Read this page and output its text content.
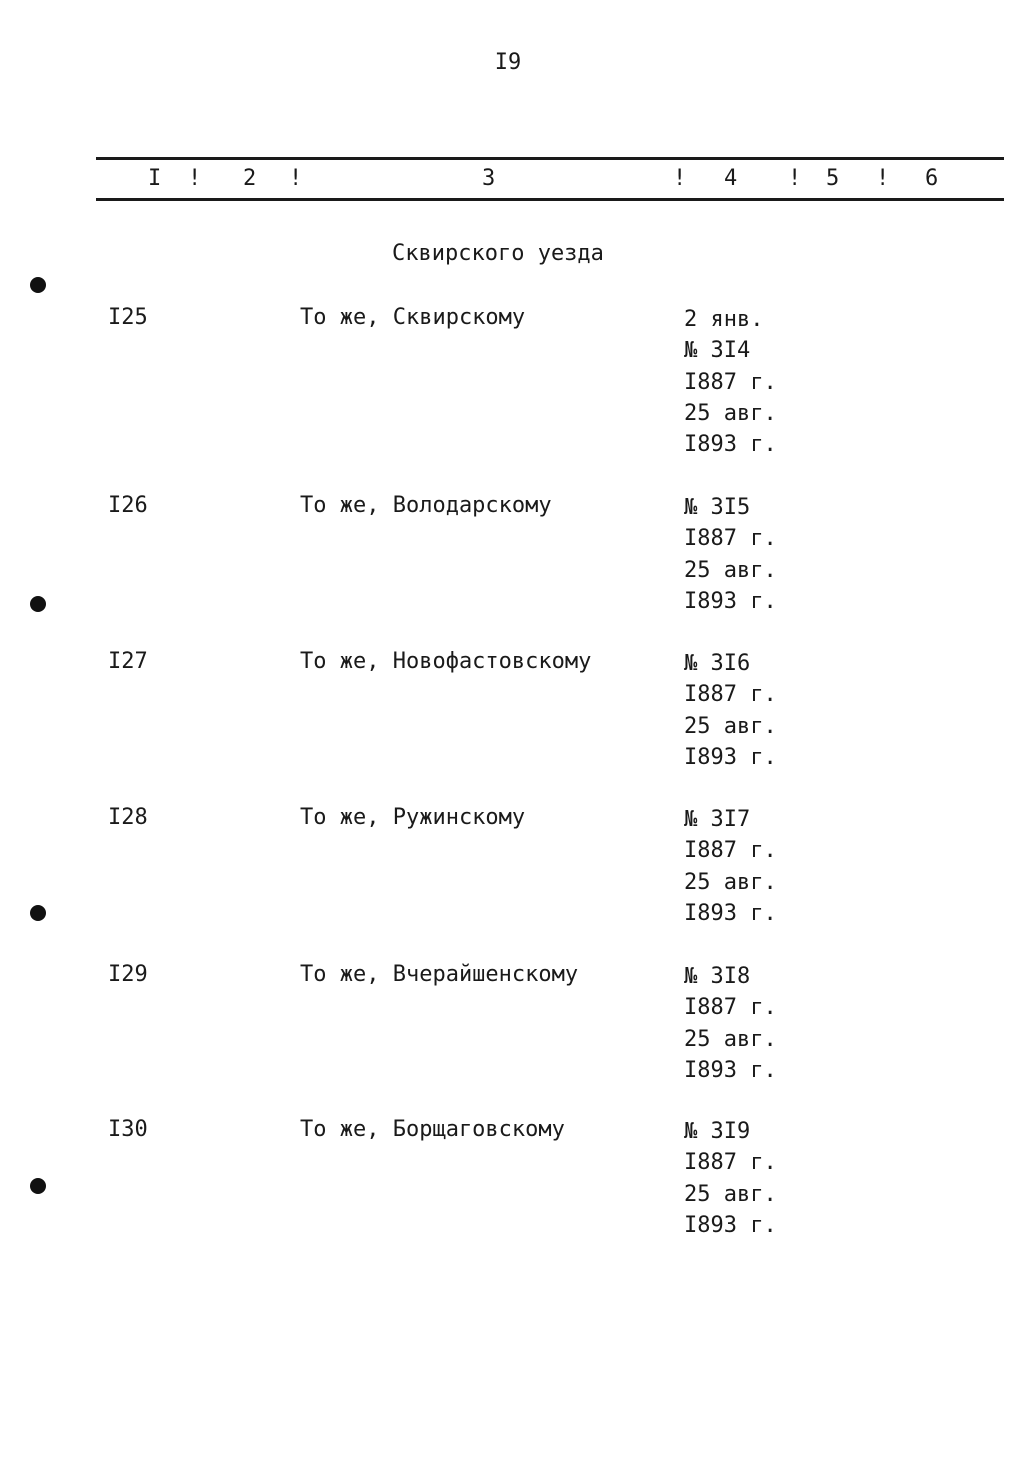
I9
I ! 2 !	3	! 4 ! 5 ! 6
Сквирского уезда
I25	То же, Сквирскому	2 янв.
№ 3I4
I887 г.
25 авг.
I893 г.
I26	То же, Володарскому	№ 3I5
I887 г.
25 авг.
I893 г.
I27	То же, Новофастовскому	№ 3I6
I887 г.
25 авг.
I893 г.
I28	То же, Ружинскому	№ 3I7
I887 г.
25 авг.
I893 г.
I29	То же, Вчерайшенскому	№ 3I8
I887 г.
25 авг.
I893 г.
I30	То же, Борщаговскому	№ 3I9
I887 г.
25 авг.
I893 г.
